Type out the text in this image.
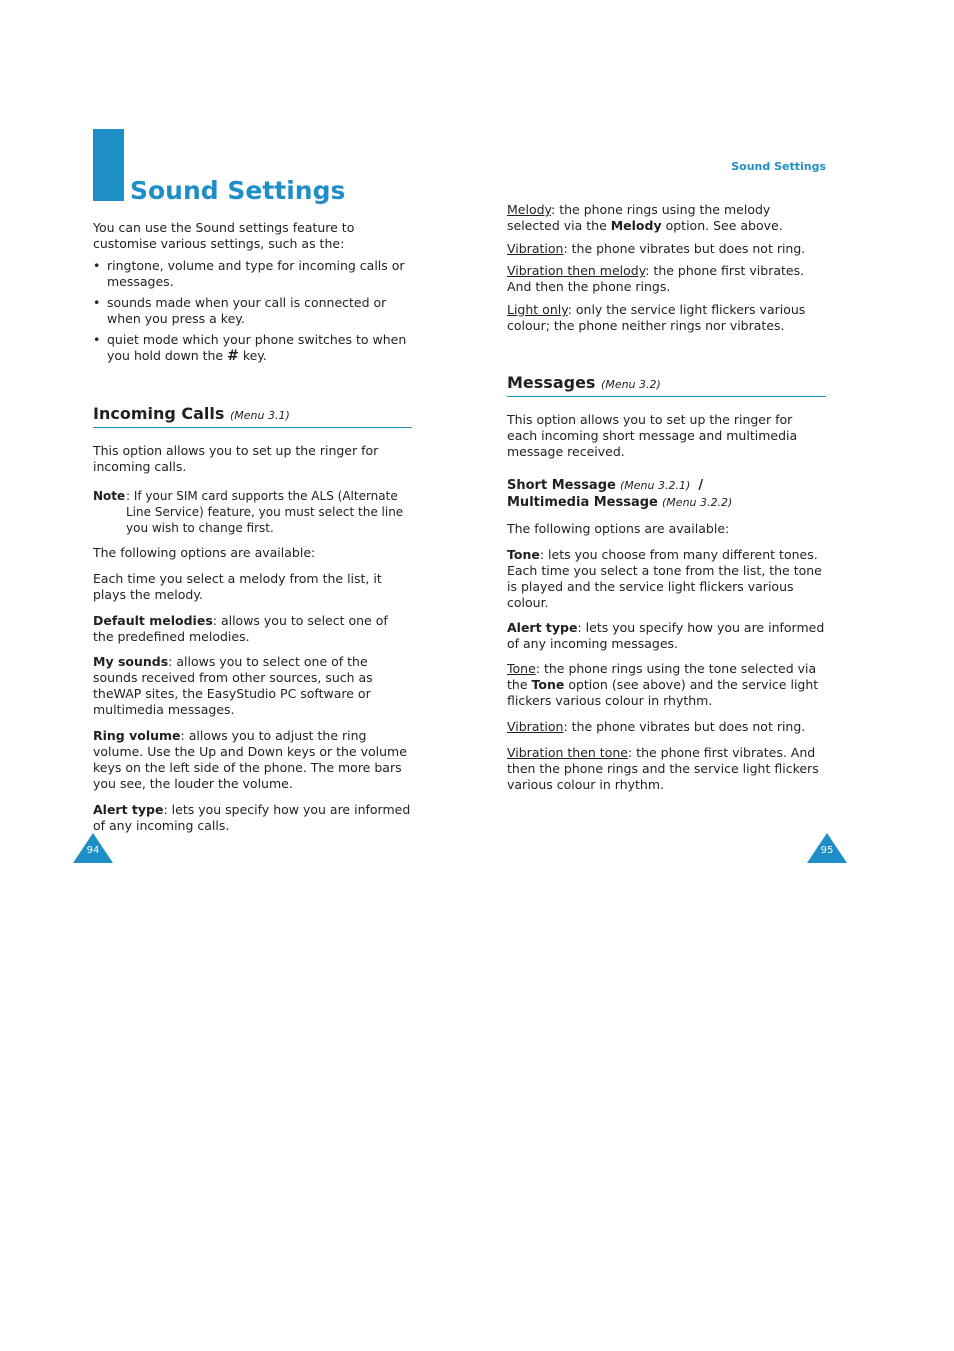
Sound Settings
Sound Settings

You can use the Sound settings feature to customise various settings, such as the:

• ringtone, volume and type for incoming calls or messages.
• sounds made when your call is connected or when you press a key.
• quiet mode which your phone switches to when you hold down the # key.
Incoming Calls (Menu 3.1)

This option allows you to set up the ringer for incoming calls.

Note : If your SIM card supports the ALS (Alternate Line Service) feature, you must select the line you wish to change first.

The following options are available:

Each time you select a melody from the list, it plays the melody.

Default melodies: allows you to select one of the predefined melodies.

My sounds: allows you to select one of the sounds received from other sources, such as theWAP sites, the EasyStudio PC software or multimedia messages.

Ring volume: allows you to adjust the ring volume. Use the Up and Down keys or the volume keys on the left side of the phone. The more bars you see, the louder the volume.

Alert type: lets you specify how you are informed of any incoming calls.

94

Melody: the phone rings using the melody selected via the Melody option. See above.

Vibration: the phone vibrates but does not ring.

Vibration then melody: the phone first vibrates. And then the phone rings.

Light only: only the service light flickers various colour; the phone neither rings nor vibrates.

Messages (Menu 3.2)

This option allows you to set up the ringer for each incoming short message and multimedia message received.

Short Message (Menu 3.2.1) /
Multimedia Message (Menu 3.2.2)

The following options are available:

Tone: lets you choose from many different tones. Each time you select a tone from the list, the tone is played and the service light flickers various colour.

Alert type: lets you specify how you are informed of any incoming messages.

Tone: the phone rings using the tone selected via the Tone option (see above) and the service light flickers various colour in rhythm.

Vibration: the phone vibrates but does not ring.

Vibration then tone: the phone first vibrates. And then the phone rings and the service light flickers various colour in rhythm.

95
